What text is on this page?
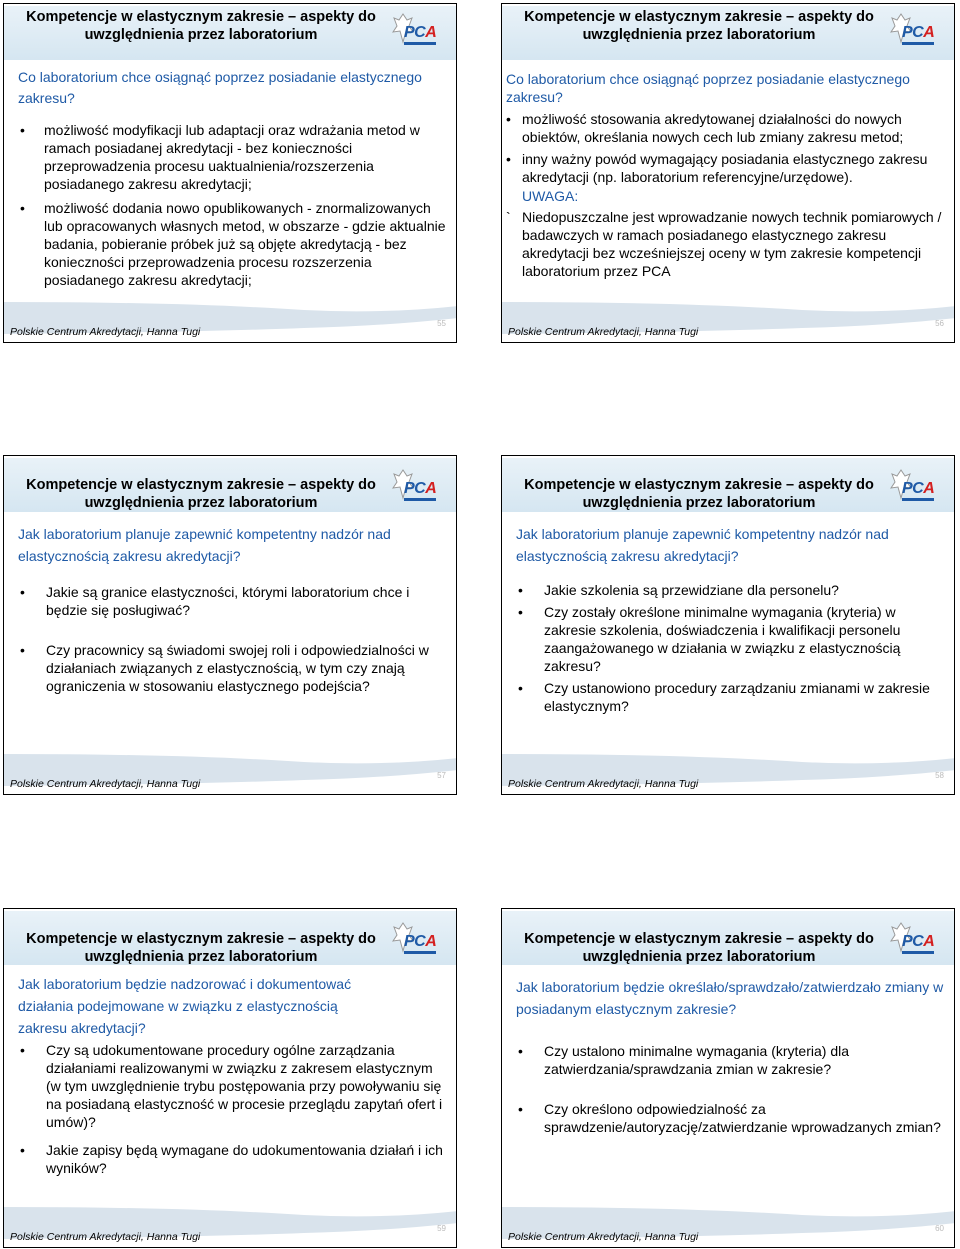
Kompetencje w elastycznym zakresie – aspekty do uwzględnienia przez laboratorium	PCA
Co laboratorium chce osiągnąć poprzez posiadanie elastycznego zakresu?
• możliwość modyfikacji lub adaptacji oraz wdrażania metod w ramach posiadanej akredytacji - bez konieczności przeprowadzenia procesu uaktualnienia/rozszerzenia posiadanego zakresu akredytacji;
• możliwość dodania nowo opublikowanych - znormalizowanych lub opracowanych własnych metod, w obszarze - gdzie aktualnie badania, pobieranie próbek już są objęte akredytacją - bez konieczności przeprowadzenia procesu rozszerzenia posiadanego zakresu akredytacji;
Polskie Centrum Akredytacji, Hanna Tugi
55
Kompetencje w elastycznym zakresie – aspekty do uwzględnienia przez laboratorium	PCA
Co laboratorium chce osiągnąć poprzez posiadanie elastycznego zakresu?
• możliwość stosowania akredytowanej działalności do nowych obiektów, określania nowych cech lub zmiany zakresu metod;
• inny ważny powód wymagający posiadania elastycznego zakresu akredytacji (np. laboratorium referencyjne/urzędowe).
UWAGA:
` Niedopuszczalne jest wprowadzanie nowych technik pomiarowych / badawczych w ramach posiadanego elastycznego zakresu akredytacji bez wcześniejszej oceny w tym zakresie kompetencji laboratorium przez PCA
Polskie Centrum Akredytacji, Hanna Tugi
56
Kompetencje w elastycznym zakresie – aspekty do uwzględnienia przez laboratorium
PCA
Jak laboratorium planuje zapewnić kompetentny nadzór nad elastycznością zakresu akredytacji?
• Jakie są granice elastyczności, którymi laboratorium chce i będzie się posługiwać?
• Czy pracownicy są świadomi swojej roli i odpowiedzialności w działaniach związanych z elastycznością, w tym czy znają ograniczenia w stosowaniu elastycznego podejścia?
Polskie Centrum Akredytacji, Hanna Tugi
57
Kompetencje w elastycznym zakresie – aspekty do uwzględnienia przez laboratorium
PCA
Jak laboratorium planuje zapewnić kompetentny nadzór nad elastycznością zakresu akredytacji?
• Jakie szkolenia są przewidziane dla personelu?
• Czy zostały określone minimalne wymagania (kryteria) w zakresie szkolenia, doświadczenia i kwalifikacji personelu zaangażowanego w działania w związku z elastycznością zakresu?
• Czy ustanowiono procedury zarządzaniu zmianami w zakresie elastycznym?
Polskie Centrum Akredytacji, Hanna Tugi
58
Kompetencje w elastycznym zakresie – aspekty do uwzględnienia przez laboratorium
PCA
Jak laboratorium będzie nadzorować i dokumentować działania podejmowane w związku z elastycznością zakresu akredytacji?
• Czy są udokumentowane procedury ogólne zarządzania działaniami realizowanymi w związku z zakresem elastycznym (w tym uwzględnienie trybu postępowania przy powoływaniu się na posiadaną elastyczność w procesie przeglądu zapytań ofert i umów)?
• Jakie zapisy będą wymagane do udokumentowania działań i ich wyników?
Polskie Centrum Akredytacji, Hanna Tugi
59
Kompetencje w elastycznym zakresie – aspekty do uwzględnienia przez laboratorium
PCA
Jak laboratorium będzie określało/sprawdzało/zatwierdzało zmiany w posiadanym elastycznym zakresie?
• Czy ustalono minimalne wymagania (kryteria) dla zatwierdzania/sprawdzania zmian w zakresie?
• Czy określono odpowiedzialność za sprawdzenie/autoryzację/zatwierdzanie wprowadzanych zmian?
Polskie Centrum Akredytacji, Hanna Tugi
60
